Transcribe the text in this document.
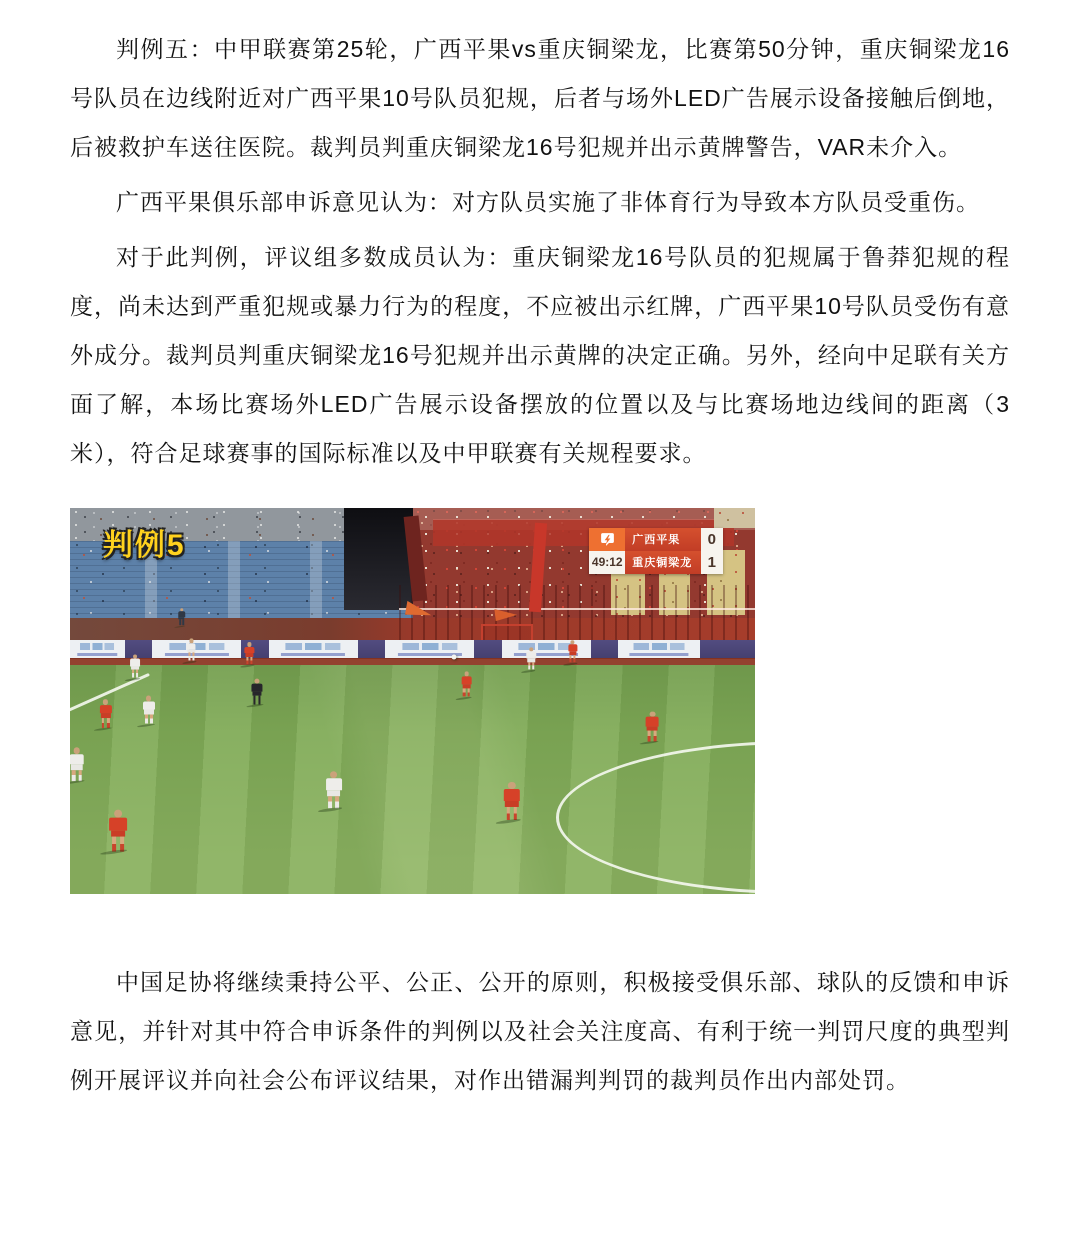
判例五：中甲联赛第25轮，广西平果vs重庆铜梁龙，比赛第50分钟，重庆铜梁龙16号队员在边线附近对广西平果10号队员犯规，后者与场外LED广告展示设备接触后倒地，后被救护车送往医院。裁判员判重庆铜梁龙16号犯规并出示黄牌警告，VAR未介入。

广西平果俱乐部申诉意见认为：对方队员实施了非体育行为导致本方队员受重伤。

对于此判例，评议组多数成员认为：重庆铜梁龙16号队员的犯规属于鲁莽犯规的程度，尚未达到严重犯规或暴力行为的程度，不应被出示红牌，广西平果10号队员受伤有意外成分。裁判员判重庆铜梁龙16号犯规并出示黄牌的决定正确。另外，经向中足联有关方面了解，本场比赛场外LED广告展示设备摆放的位置以及与比赛场地边线间的距离（3米），符合足球赛事的国际标准以及中甲联赛有关规程要求。

判例5	广西平果	0
49:12 重庆铜梁龙	1

中国足协将继续秉持公平、公正、公开的原则，积极接受俱乐部、球队的反馈和申诉意见，并针对其中符合申诉条件的判例以及社会关注度高、有利于统一判罚尺度的典型判例开展评议并向社会公布评议结果，对作出错漏判判罚的裁判员作出内部处罚。
